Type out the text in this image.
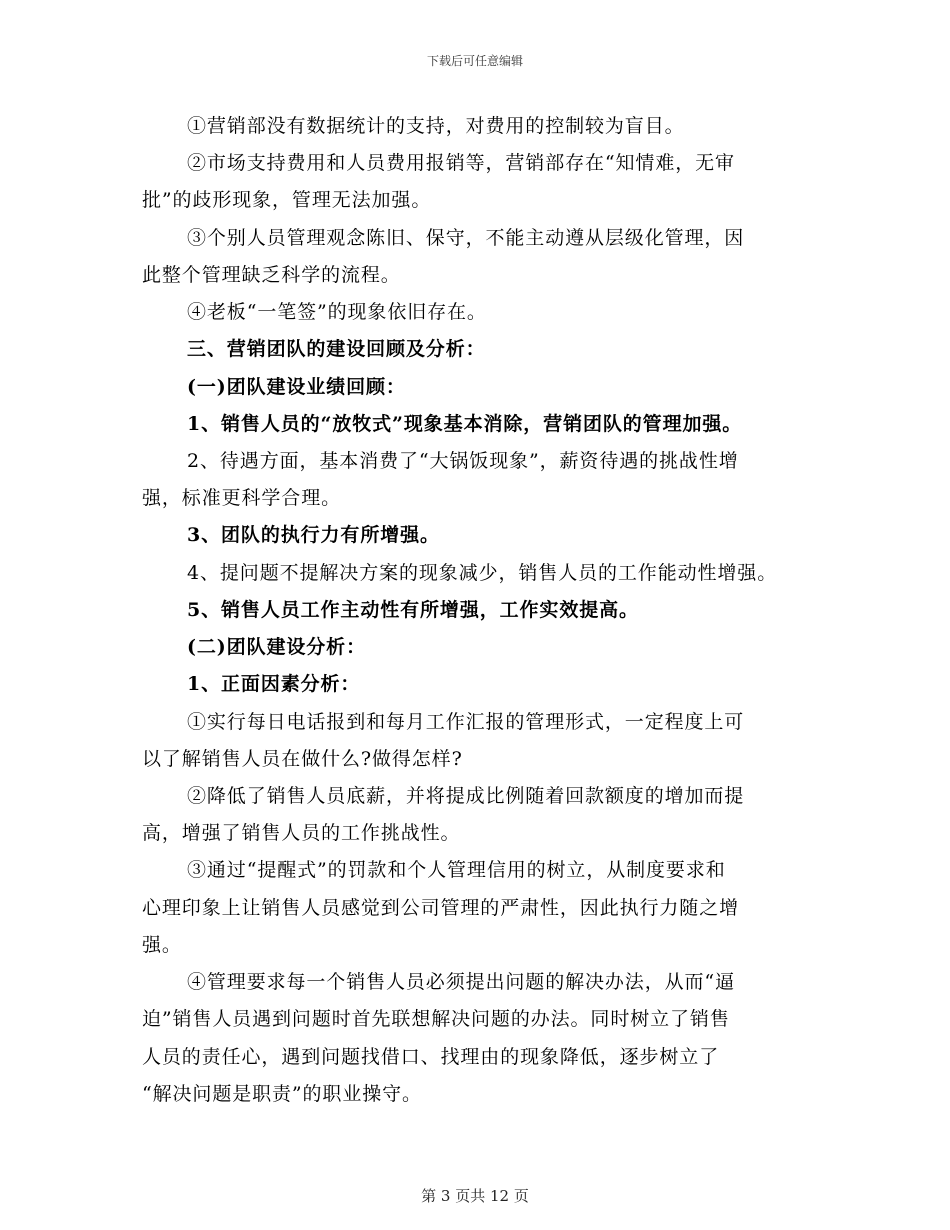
下载后可任意编辑
①营销部没有数据统计的支持，对费用的控制较为盲目。
②市场支持费用和人员费用报销等，营销部存在“知情难，无审
批”的歧形现象，管理无法加强。
③个别人员管理观念陈旧、保守，不能主动遵从层级化管理，因
此整个管理缺乏科学的流程。
④老板“一笔签”的现象依旧存在。
三、营销团队的建设回顾及分析：
(一)团队建设业绩回顾：
1、销售人员的“放牧式”现象基本消除，营销团队的管理加强。
2、待遇方面，基本消费了“大锅饭现象”，薪资待遇的挑战性增
强，标准更科学合理。
3、团队的执行力有所增强。
4、提问题不提解决方案的现象减少，销售人员的工作能动性增强。
5、销售人员工作主动性有所增强，工作实效提高。
(二)团队建设分析：
1、正面因素分析：
①实行每日电话报到和每月工作汇报的管理形式，一定程度上可
以了解销售人员在做什么?做得怎样?
②降低了销售人员底薪，并将提成比例随着回款额度的增加而提
高，增强了销售人员的工作挑战性。
③通过“提醒式”的罚款和个人管理信用的树立，从制度要求和
心理印象上让销售人员感觉到公司管理的严肃性，因此执行力随之增
强。
④管理要求每一个销售人员必须提出问题的解决办法，从而“逼
迫”销售人员遇到问题时首先联想解决问题的办法。同时树立了销售
人员的责任心，遇到问题找借口、找理由的现象降低，逐步树立了
“解决问题是职责”的职业操守。
第 3 页共 12 页
